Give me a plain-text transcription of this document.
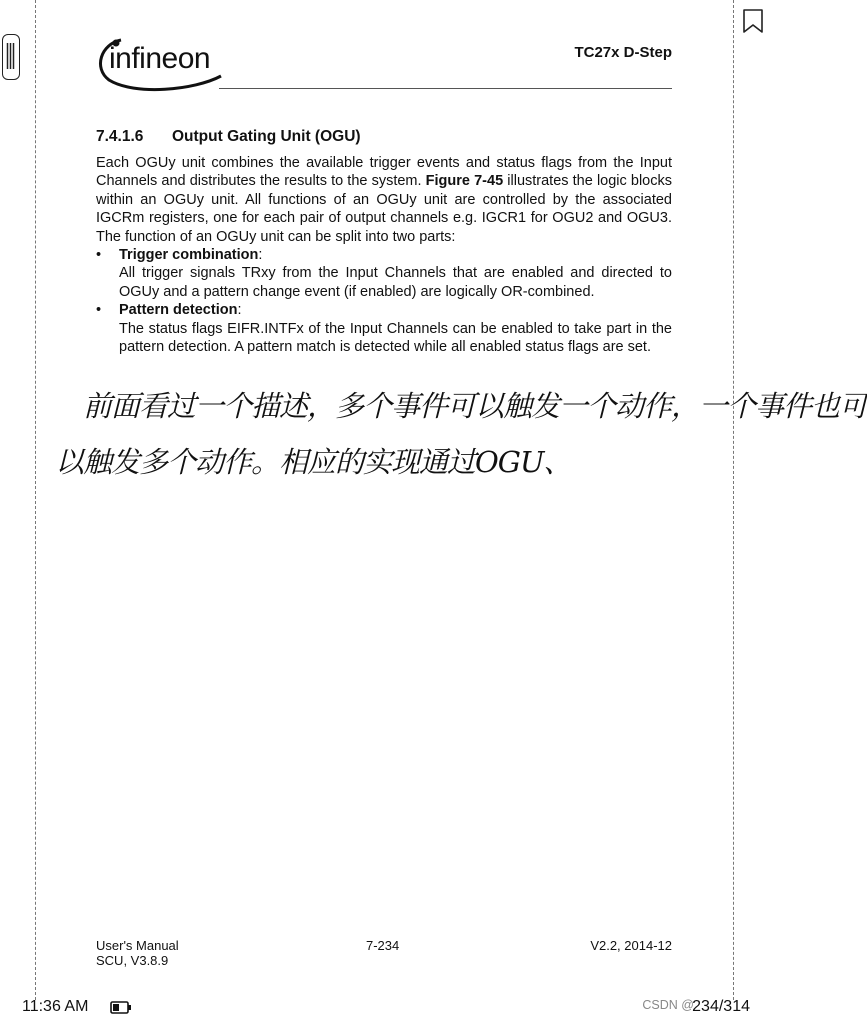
infineon	TC27x D-Step
7.4.1.6 Output Gating Unit (OGU)

Each OGUy unit combines the available trigger events and status flags from the Input Channels and distributes the results to the system. Figure 7-45 illustrates the logic blocks within an OGUy unit. All functions of an OGUy unit are controlled by the associated IGCRm registers, one for each pair of output channels e.g. IGCR1 for OGU2 and OGU3. The function of an OGUy unit can be split into two parts:

• Trigger combination:
All trigger signals TRxy from the Input Channels that are enabled and directed to OGUy and a pattern change event (if enabled) are logically OR-combined.
• Pattern detection:
The status flags EIFR.INTFx of the Input Channels can be enabled to take part in the pattern detection. A pattern match is detected while all enabled status flags are set.
前面看过一个描述，多个事件可以触发一个动作，一个事件也可
以触发多个动作。相应的实现通过OGU、
User's Manual
SCU, V3.8.9
7-234	V2.2, 2014-12
11:36 AM	CSDN @
234/314
